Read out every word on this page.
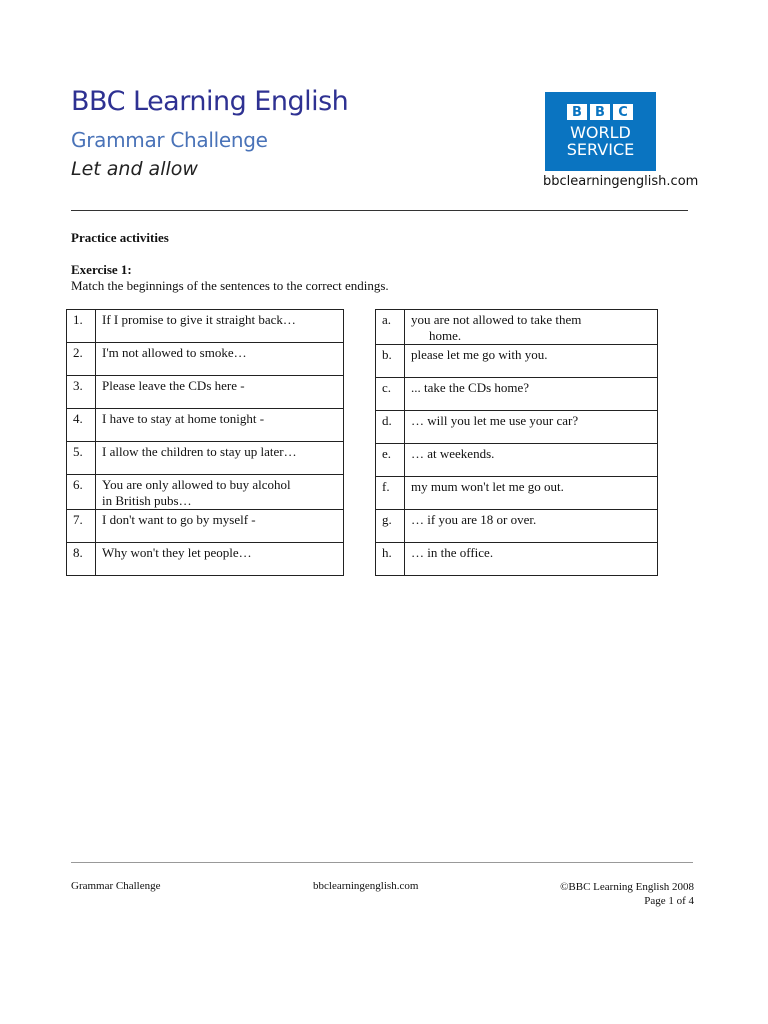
BBC Learning English
Grammar Challenge
Let and allow
B	B	C
WORLD
SERVICE
bbclearningenglish.com
Practice activities
Exercise 1:
Match the beginnings of the sentences to the correct endings.
1.	If I promise to give it straight back…
2.	I'm not allowed to smoke…
3.	Please leave the CDs here -
4.	I have to stay at home tonight -
5.	I allow the children to stay up later…
6.	You are only allowed to buy alcohol
in British pubs…
7.	I don't want to go by myself -
8.	Why won't they let people…
a.	you are not allowed to take them
home.

b.	please let me go with you.
c.	... take the CDs home?
d.	… will you let me use your car?
e.	… at weekends.
f.	my mum won't let me go out.
g.	… if you are 18 or over.
h.	… in the office.
Grammar Challenge	bbclearningenglish.com	©BBC Learning English 2008
Page 1 of 4
